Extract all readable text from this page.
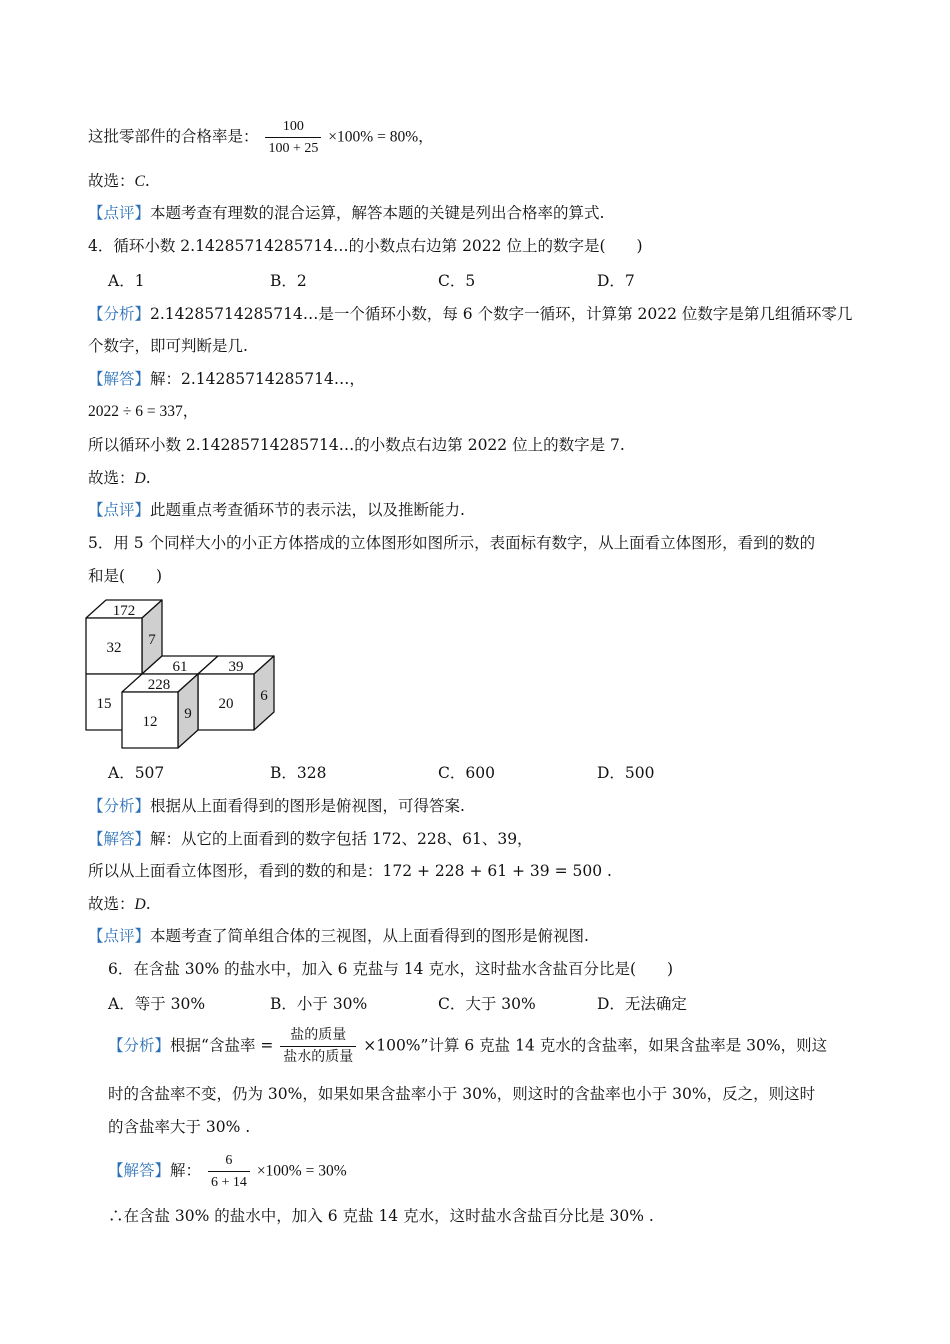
这批零部件的合格率是： $\frac{100}{100 + 25} \times 100\% = 80\%$，
故选：C.
【点评】本题考查有理数的混合运算，解答本题的关键是列出合格率的算式.
4．循环小数 2.14285714285714…的小数点右边第 2022 位上的数字是(　　)
A．1	B．2	C．5	D．7
【分析】2.14285714285714…是一个循环小数，每 6 个数字一循环，计算第 2022 位数字是第几组循环零几
个数字，即可判断是几.
【解答】解：2.14285714285714…，
2022 ÷ 6 = 337，
所以循环小数 2.14285714285714…的小数点右边第 2022 位上的数字是 7.
故选：D.
【点评】此题重点考查循环节的表示法，以及推断能力.
5．用 5 个同样大小的小正方体搭成的立体图形如图所示，表面标有数字，从上面看立体图形，看到的数的
和是(　　)
172
32 7
61	39
20 6
15
228
12 9
A．507	B．328	C．600	D．500
【分析】根据从上面看得到的图形是俯视图，可得答案.
【解答】解：从它的上面看到的数字包括 172、228、61、39，
所以从上面看立体图形，看到的数的和是：172 + 228 + 61 + 39 = 500 .
故选：D.
【点评】本题考查了简单组合体的三视图，从上面看得到的图形是俯视图.
6．在含盐 30% 的盐水中，加入 6 克盐与 14 克水，这时盐水含盐百分比是(　　)
A．等于 30%	B．小于 30%	C．大于 30%	D．无法确定
【分析】根据“含盐率 = $\frac{\text{盐的质量}}{\text{盐水的质量}} \times 100\%$”计算 6 克盐 14 克水的含盐率，如果含盐率是 30%，则这
时的含盐率不变，仍为 30%，如果如果含盐率小于 30%，则这时的含盐率也小于 30%，反之，则这时
的含盐率大于 30% .
【解答】解： $\frac{6}{6 + 14} \times 100\% = 30\%$
∴在含盐 30% 的盐水中，加入 6 克盐 14 克水，这时盐水含盐百分比是 30% .
